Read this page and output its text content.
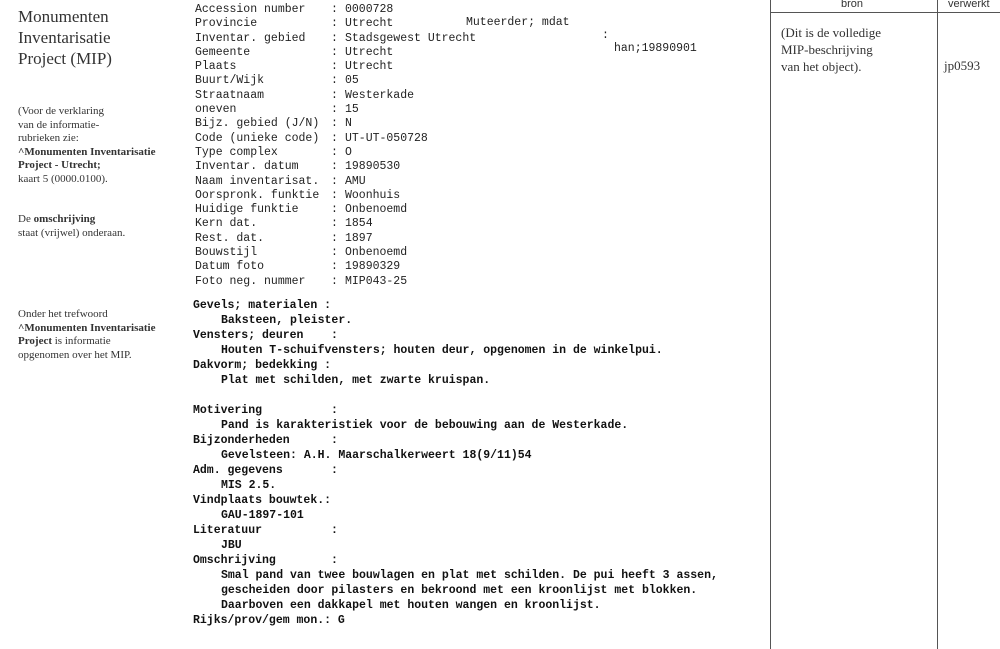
Monumenten
Inventarisatie
Project (MIP)
(Voor de verklaring
van de informatie-
rubrieken zie:
^Monumenten Inventarisatie
Project - Utrecht;
kaart 5 (0000.0100).
De omschrijving
staat (vrijwel) onderaan.
Onder het trefwoord
^Monumenten Inventarisatie
Project is informatie
opgenomen over het MIP.
Accession number : 0000728
Provincie	: Utrecht
Inventar. gebied : Stadsgewest Utrecht
Gemeente	: Utrecht
Plaats	: Utrecht
Buurt/Wijk	: 05
Straatnaam	: Westerkade
oneven	: 15
Bijz. gebied (J/N) : N
Code (unieke code) : UT-UT-050728
Type complex	: O
Inventar. datum	: 19890530
Naam inventarisat. : AMU
Oorspronk. funktie : Woonhuis
Huidige funktie	: Onbenoemd
Kern dat.	: 1854
Rest. dat.	: 1897
Bouwstijl	: Onbenoemd
Datum foto	: 19890329
Foto neg. nummer : MIP043-25

Muteerder; mdat

:

han;19890901

Gevels; materialen :
Baksteen, pleister.
Vensters; deuren :
Houten T-schuifvensters; houten deur, opgenomen in de winkelpui.
Dakvorm; bedekking :
Plat met schilden, met zwarte kruispan.
Motivering	:
Pand is karakteristiek voor de bebouwing aan de Westerkade.
Bijzonderheden	:
Gevelsteen: A.H. Maarschalkerweert 18(9/11)54
Adm. gegevens	:
MIS 2.5.
Vindplaats bouwtek.:
GAU-1897-101
Literatuur	:
JBU
Omschrijving	:
Smal pand van twee bouwlagen en plat met schilden. De pui heeft 3 assen,
gescheiden door pilasters en bekroond met een kroonlijst met blokken.
Daarboven een dakkapel met houten wangen en kroonlijst.
Rijks/prov/gem mon.: G
bron	verwerkt
(Dit is de volledige
MIP-beschrijving
van het object).	jp0593
